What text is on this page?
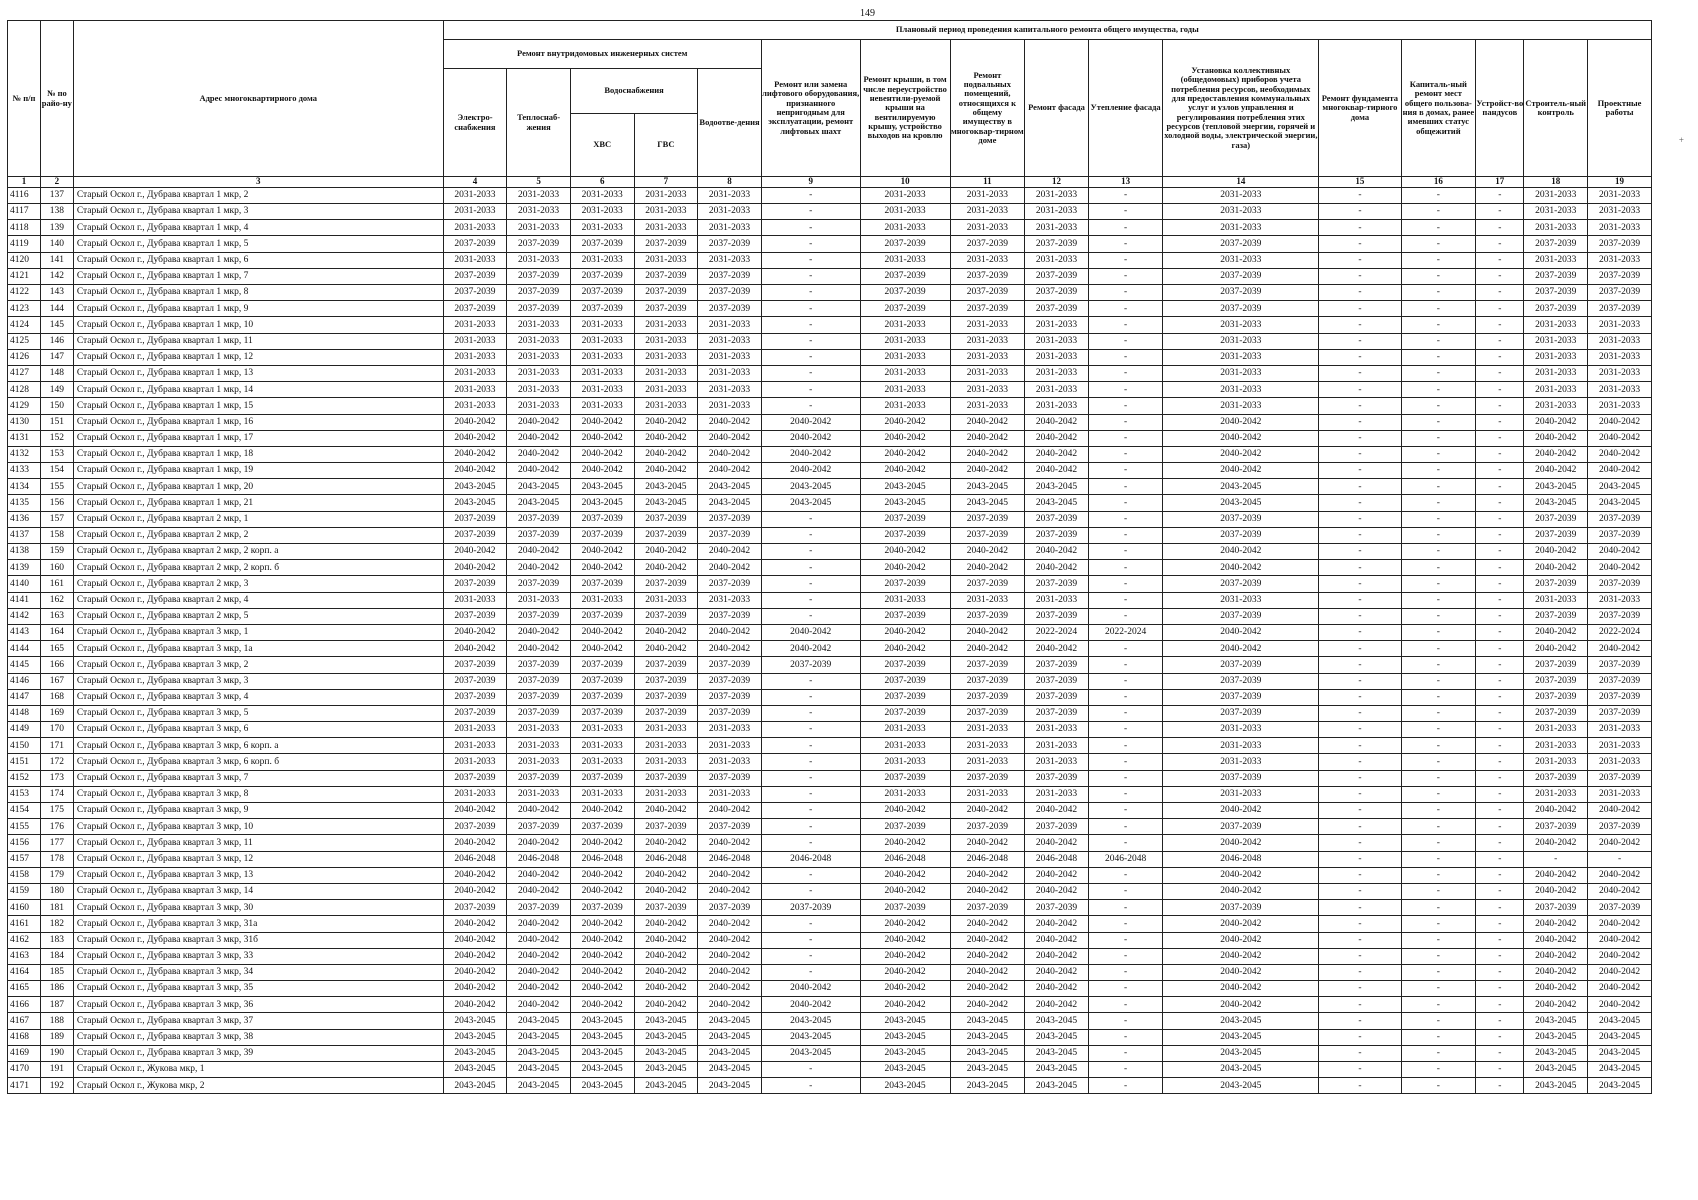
149
№ п/п	№ по райо-ну	Адрес многоквартирного дома	Плановый период проведения капитального ремонта общего имущества, годы															
			Ремонт внутридомовых инженерных систем					Ремонт или замена лифтового оборудования, признанного непригодным для эксплуатации, ремонт лифтовых шахт	Ремонт крыши, в том числе переустройство невентили-руемой крыши на вентилируемую крышу, устройство выходов на кровлю	Ремонт подвальных помещений, относящихся к общему имуществу в многоквар-тирном доме	Ремонт фасада	Утепление фасада	Установка коллективных (общедомовых) приборов учета потребления ресурсов, необходимых для предоставления коммунальных услуг и узлов управления и регулирования потребления этих ресурсов (тепловой энергии, горячей и холодной воды, электрической энергии, газа)	Ремонт фундамента многоквар-тирного дома	Капиталь-ный ремонт мест общего пользова-ния в домах, ранее имевших статус общежитий	Устройст-во пандусов	Строитель-ный контроль	Проектные работы
			Электро-снабжения	Теплоснаб-жения	Водоснабжения		Водоотве-дения											
					ХВС	ГВС												
1	2	3	4	5	6	7	8	9	10	11	12	13	14	15	16	17	18	19
4116	137	Старый Оскол г., Дубрава квартал 1 мкр, 2	2031-2033	2031-2033	2031-2033	2031-2033	2031-2033	-	2031-2033	2031-2033	2031-2033	-	2031-2033	-	-	-	2031-2033	2031-2033
4117	138	Старый Оскол г., Дубрава квартал 1 мкр, 3	2031-2033	2031-2033	2031-2033	2031-2033	2031-2033	-	2031-2033	2031-2033	2031-2033	-	2031-2033	-	-	-	2031-2033	2031-2033
4118	139	Старый Оскол г., Дубрава квартал 1 мкр, 4	2031-2033	2031-2033	2031-2033	2031-2033	2031-2033	-	2031-2033	2031-2033	2031-2033	-	2031-2033	-	-	-	2031-2033	2031-2033
4119	140	Старый Оскол г., Дубрава квартал 1 мкр, 5	2037-2039	2037-2039	2037-2039	2037-2039	2037-2039	-	2037-2039	2037-2039	2037-2039	-	2037-2039	-	-	-	2037-2039	2037-2039
4120	141	Старый Оскол г., Дубрава квартал 1 мкр, 6	2031-2033	2031-2033	2031-2033	2031-2033	2031-2033	-	2031-2033	2031-2033	2031-2033	-	2031-2033	-	-	-	2031-2033	2031-2033
4121	142	Старый Оскол г., Дубрава квартал 1 мкр, 7	2037-2039	2037-2039	2037-2039	2037-2039	2037-2039	-	2037-2039	2037-2039	2037-2039	-	2037-2039	-	-	-	2037-2039	2037-2039
4122	143	Старый Оскол г., Дубрава квартал 1 мкр, 8	2037-2039	2037-2039	2037-2039	2037-2039	2037-2039	-	2037-2039	2037-2039	2037-2039	-	2037-2039	-	-	-	2037-2039	2037-2039
4123	144	Старый Оскол г., Дубрава квартал 1 мкр, 9	2037-2039	2037-2039	2037-2039	2037-2039	2037-2039	-	2037-2039	2037-2039	2037-2039	-	2037-2039	-	-	-	2037-2039	2037-2039
4124	145	Старый Оскол г., Дубрава квартал 1 мкр, 10	2031-2033	2031-2033	2031-2033	2031-2033	2031-2033	-	2031-2033	2031-2033	2031-2033	-	2031-2033	-	-	-	2031-2033	2031-2033
4125	146	Старый Оскол г., Дубрава квартал 1 мкр, 11	2031-2033	2031-2033	2031-2033	2031-2033	2031-2033	-	2031-2033	2031-2033	2031-2033	-	2031-2033	-	-	-	2031-2033	2031-2033
4126	147	Старый Оскол г., Дубрава квартал 1 мкр, 12	2031-2033	2031-2033	2031-2033	2031-2033	2031-2033	-	2031-2033	2031-2033	2031-2033	-	2031-2033	-	-	-	2031-2033	2031-2033
4127	148	Старый Оскол г., Дубрава квартал 1 мкр, 13	2031-2033	2031-2033	2031-2033	2031-2033	2031-2033	-	2031-2033	2031-2033	2031-2033	-	2031-2033	-	-	-	2031-2033	2031-2033
4128	149	Старый Оскол г., Дубрава квартал 1 мкр, 14	2031-2033	2031-2033	2031-2033	2031-2033	2031-2033	-	2031-2033	2031-2033	2031-2033	-	2031-2033	-	-	-	2031-2033	2031-2033
4129	150	Старый Оскол г., Дубрава квартал 1 мкр, 15	2031-2033	2031-2033	2031-2033	2031-2033	2031-2033	-	2031-2033	2031-2033	2031-2033	-	2031-2033	-	-	-	2031-2033	2031-2033
4130	151	Старый Оскол г., Дубрава квартал 1 мкр, 16	2040-2042	2040-2042	2040-2042	2040-2042	2040-2042	2040-2042	2040-2042	2040-2042	2040-2042	-	2040-2042	-	-	-	2040-2042	2040-2042
4131	152	Старый Оскол г., Дубрава квартал 1 мкр, 17	2040-2042	2040-2042	2040-2042	2040-2042	2040-2042	2040-2042	2040-2042	2040-2042	2040-2042	-	2040-2042	-	-	-	2040-2042	2040-2042
4132	153	Старый Оскол г., Дубрава квартал 1 мкр, 18	2040-2042	2040-2042	2040-2042	2040-2042	2040-2042	2040-2042	2040-2042	2040-2042	2040-2042	-	2040-2042	-	-	-	2040-2042	2040-2042
4133	154	Старый Оскол г., Дубрава квартал 1 мкр, 19	2040-2042	2040-2042	2040-2042	2040-2042	2040-2042	2040-2042	2040-2042	2040-2042	2040-2042	-	2040-2042	-	-	-	2040-2042	2040-2042
4134	155	Старый Оскол г., Дубрава квартал 1 мкр, 20	2043-2045	2043-2045	2043-2045	2043-2045	2043-2045	2043-2045	2043-2045	2043-2045	2043-2045	-	2043-2045	-	-	-	2043-2045	2043-2045
4135	156	Старый Оскол г., Дубрава квартал 1 мкр, 21	2043-2045	2043-2045	2043-2045	2043-2045	2043-2045	2043-2045	2043-2045	2043-2045	2043-2045	-	2043-2045	-	-	-	2043-2045	2043-2045
4136	157	Старый Оскол г., Дубрава квартал 2 мкр, 1	2037-2039	2037-2039	2037-2039	2037-2039	2037-2039	-	2037-2039	2037-2039	2037-2039	-	2037-2039	-	-	-	2037-2039	2037-2039
4137	158	Старый Оскол г., Дубрава квартал 2 мкр, 2	2037-2039	2037-2039	2037-2039	2037-2039	2037-2039	-	2037-2039	2037-2039	2037-2039	-	2037-2039	-	-	-	2037-2039	2037-2039
4138	159	Старый Оскол г., Дубрава квартал 2 мкр, 2 корп. а	2040-2042	2040-2042	2040-2042	2040-2042	2040-2042	-	2040-2042	2040-2042	2040-2042	-	2040-2042	-	-	-	2040-2042	2040-2042
4139	160	Старый Оскол г., Дубрава квартал 2 мкр, 2 корп. б	2040-2042	2040-2042	2040-2042	2040-2042	2040-2042	-	2040-2042	2040-2042	2040-2042	-	2040-2042	-	-	-	2040-2042	2040-2042
4140	161	Старый Оскол г., Дубрава квартал 2 мкр, 3	2037-2039	2037-2039	2037-2039	2037-2039	2037-2039	-	2037-2039	2037-2039	2037-2039	-	2037-2039	-	-	-	2037-2039	2037-2039
4141	162	Старый Оскол г., Дубрава квартал 2 мкр, 4	2031-2033	2031-2033	2031-2033	2031-2033	2031-2033	-	2031-2033	2031-2033	2031-2033	-	2031-2033	-	-	-	2031-2033	2031-2033
4142	163	Старый Оскол г., Дубрава квартал 2 мкр, 5	2037-2039	2037-2039	2037-2039	2037-2039	2037-2039	-	2037-2039	2037-2039	2037-2039	-	2037-2039	-	-	-	2037-2039	2037-2039
4143	164	Старый Оскол г., Дубрава квартал 3 мкр, 1	2040-2042	2040-2042	2040-2042	2040-2042	2040-2042	2040-2042	2040-2042	2040-2042	2022-2024	2022-2024	2040-2042	-	-	-	2040-2042	2022-2024
4144	165	Старый Оскол г., Дубрава квартал 3 мкр, 1а	2040-2042	2040-2042	2040-2042	2040-2042	2040-2042	2040-2042	2040-2042	2040-2042	2040-2042	-	2040-2042	-	-	-	2040-2042	2040-2042
4145	166	Старый Оскол г., Дубрава квартал 3 мкр, 2	2037-2039	2037-2039	2037-2039	2037-2039	2037-2039	2037-2039	2037-2039	2037-2039	2037-2039	-	2037-2039	-	-	-	2037-2039	2037-2039
4146	167	Старый Оскол г., Дубрава квартал 3 мкр, 3	2037-2039	2037-2039	2037-2039	2037-2039	2037-2039	-	2037-2039	2037-2039	2037-2039	-	2037-2039	-	-	-	2037-2039	2037-2039
4147	168	Старый Оскол г., Дубрава квартал 3 мкр, 4	2037-2039	2037-2039	2037-2039	2037-2039	2037-2039	-	2037-2039	2037-2039	2037-2039	-	2037-2039	-	-	-	2037-2039	2037-2039
4148	169	Старый Оскол г., Дубрава квартал 3 мкр, 5	2037-2039	2037-2039	2037-2039	2037-2039	2037-2039	-	2037-2039	2037-2039	2037-2039	-	2037-2039	-	-	-	2037-2039	2037-2039
4149	170	Старый Оскол г., Дубрава квартал 3 мкр, 6	2031-2033	2031-2033	2031-2033	2031-2033	2031-2033	-	2031-2033	2031-2033	2031-2033	-	2031-2033	-	-	-	2031-2033	2031-2033
4150	171	Старый Оскол г., Дубрава квартал 3 мкр, 6 корп. а	2031-2033	2031-2033	2031-2033	2031-2033	2031-2033	-	2031-2033	2031-2033	2031-2033	-	2031-2033	-	-	-	2031-2033	2031-2033
4151	172	Старый Оскол г., Дубрава квартал 3 мкр, 6 корп. б	2031-2033	2031-2033	2031-2033	2031-2033	2031-2033	-	2031-2033	2031-2033	2031-2033	-	2031-2033	-	-	-	2031-2033	2031-2033
4152	173	Старый Оскол г., Дубрава квартал 3 мкр, 7	2037-2039	2037-2039	2037-2039	2037-2039	2037-2039	-	2037-2039	2037-2039	2037-2039	-	2037-2039	-	-	-	2037-2039	2037-2039
4153	174	Старый Оскол г., Дубрава квартал 3 мкр, 8	2031-2033	2031-2033	2031-2033	2031-2033	2031-2033	-	2031-2033	2031-2033	2031-2033	-	2031-2033	-	-	-	2031-2033	2031-2033
4154	175	Старый Оскол г., Дубрава квартал 3 мкр, 9	2040-2042	2040-2042	2040-2042	2040-2042	2040-2042	-	2040-2042	2040-2042	2040-2042	-	2040-2042	-	-	-	2040-2042	2040-2042
4155	176	Старый Оскол г., Дубрава квартал 3 мкр, 10	2037-2039	2037-2039	2037-2039	2037-2039	2037-2039	-	2037-2039	2037-2039	2037-2039	-	2037-2039	-	-	-	2037-2039	2037-2039
4156	177	Старый Оскол г., Дубрава квартал 3 мкр, 11	2040-2042	2040-2042	2040-2042	2040-2042	2040-2042	-	2040-2042	2040-2042	2040-2042	-	2040-2042	-	-	-	2040-2042	2040-2042
4157	178	Старый Оскол г., Дубрава квартал 3 мкр, 12	2046-2048	2046-2048	2046-2048	2046-2048	2046-2048	2046-2048	2046-2048	2046-2048	2046-2048	2046-2048	2046-2048	-	-	-	-	-
4158	179	Старый Оскол г., Дубрава квартал 3 мкр, 13	2040-2042	2040-2042	2040-2042	2040-2042	2040-2042	-	2040-2042	2040-2042	2040-2042	-	2040-2042	-	-	-	2040-2042	2040-2042
4159	180	Старый Оскол г., Дубрава квартал 3 мкр, 14	2040-2042	2040-2042	2040-2042	2040-2042	2040-2042	-	2040-2042	2040-2042	2040-2042	-	2040-2042	-	-	-	2040-2042	2040-2042
4160	181	Старый Оскол г., Дубрава квартал 3 мкр, 30	2037-2039	2037-2039	2037-2039	2037-2039	2037-2039	2037-2039	2037-2039	2037-2039	2037-2039	-	2037-2039	-	-	-	2037-2039	2037-2039
4161	182	Старый Оскол г., Дубрава квартал 3 мкр, 31а	2040-2042	2040-2042	2040-2042	2040-2042	2040-2042	-	2040-2042	2040-2042	2040-2042	-	2040-2042	-	-	-	2040-2042	2040-2042
4162	183	Старый Оскол г., Дубрава квартал 3 мкр, 31б	2040-2042	2040-2042	2040-2042	2040-2042	2040-2042	-	2040-2042	2040-2042	2040-2042	-	2040-2042	-	-	-	2040-2042	2040-2042
4163	184	Старый Оскол г., Дубрава квартал 3 мкр, 33	2040-2042	2040-2042	2040-2042	2040-2042	2040-2042	-	2040-2042	2040-2042	2040-2042	-	2040-2042	-	-	-	2040-2042	2040-2042
4164	185	Старый Оскол г., Дубрава квартал 3 мкр, 34	2040-2042	2040-2042	2040-2042	2040-2042	2040-2042	-	2040-2042	2040-2042	2040-2042	-	2040-2042	-	-	-	2040-2042	2040-2042
4165	186	Старый Оскол г., Дубрава квартал 3 мкр, 35	2040-2042	2040-2042	2040-2042	2040-2042	2040-2042	2040-2042	2040-2042	2040-2042	2040-2042	-	2040-2042	-	-	-	2040-2042	2040-2042
4166	187	Старый Оскол г., Дубрава квартал 3 мкр, 36	2040-2042	2040-2042	2040-2042	2040-2042	2040-2042	2040-2042	2040-2042	2040-2042	2040-2042	-	2040-2042	-	-	-	2040-2042	2040-2042
4167	188	Старый Оскол г., Дубрава квартал 3 мкр, 37	2043-2045	2043-2045	2043-2045	2043-2045	2043-2045	2043-2045	2043-2045	2043-2045	2043-2045	-	2043-2045	-	-	-	2043-2045	2043-2045
4168	189	Старый Оскол г., Дубрава квартал 3 мкр, 38	2043-2045	2043-2045	2043-2045	2043-2045	2043-2045	2043-2045	2043-2045	2043-2045	2043-2045	-	2043-2045	-	-	-	2043-2045	2043-2045
4169	190	Старый Оскол г., Дубрава квартал 3 мкр, 39	2043-2045	2043-2045	2043-2045	2043-2045	2043-2045	2043-2045	2043-2045	2043-2045	2043-2045	-	2043-2045	-	-	-	2043-2045	2043-2045
4170	191	Старый Оскол г., Жукова мкр, 1	2043-2045	2043-2045	2043-2045	2043-2045	2043-2045	-	2043-2045	2043-2045	2043-2045	-	2043-2045	-	-	-	2043-2045	2043-2045
4171	192	Старый Оскол г., Жукова мкр, 2	2043-2045	2043-2045	2043-2045	2043-2045	2043-2045	-	2043-2045	2043-2045	2043-2045	-	2043-2045	-	-	-	2043-2045	2043-2045
+
